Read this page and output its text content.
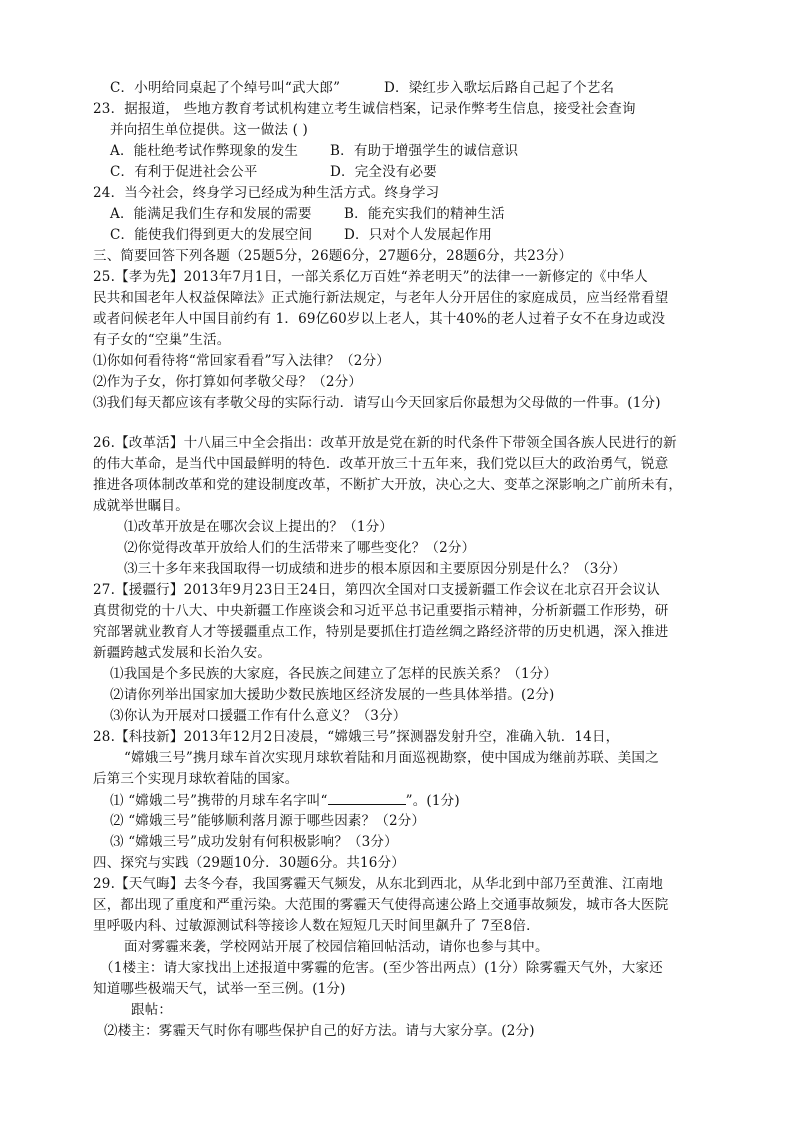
C．小明给同桌起了个绰号叫“武大郎”	D．梁红步入歌坛后路自己起了个艺名
23．据报道， 些地方教育考试机构建立考生诚信档案，记录作弊考生信息，接受社会查询
并向招生单位提供。这一做法 ( )
A．能杜绝考试作弊现象的发生 B．有助于增强学生的诚信意识
C．有利于促进社会公平	D．完全没有必要
24．当今社会，终身学习已经成为种生活方式。终身学习
A．能满足我们生存和发展的需要 B．能充实我们的精神生活
C．能使我们得到更大的发展空间 D．只对个人发展起作用
三、简要回答下列各题（25题5分，26题6分，27题6分，28题6分，共23分）
25.【孝为先】2013年7月1日，一部关系亿万百姓“养老明天”的法律一一新修定的《中华人
民共和国老年人权益保障法》正式施行新法规定，与老年人分开居住的家庭成员，应当经常看望
或者问候老年人中国目前约有 1．69亿60岁以上老人，其十40%的老人过着子女不在身边或没
有子女的“空巢”生活。
⑴你如何看待将“常回家看看”写入法律？（2分）
⑵作为子女，你打算如何孝敬父母？（2分）
⑶我们每天都应该有孝敬父母的实际行动．请写山今天回家后你最想为父母做的一件事。(1分)
26.【改革活】十八届三中全会指出：改革开放是党在新的时代条件下带领全国各族人民进行的新
的伟大革命，是当代中国最鲜明的特色．改革开放三十五年来，我们党以巨大的政治勇气，锐意
推进各项体制改革和党的建设制度改革，不断扩大开放，决心之大、变革之深影响之广前所未有，
成就举世瞩目。
⑴改革开放是在哪次会议上提出的？（1分）
⑵你觉得改革开放给人们的生活带来了哪些变化？（2分）
⑶三十多年来我国取得一切成绩和进步的根本原因和主要原因分别是什么？（3分）
27.【援疆行】2013年9月23日王24日，第四次全国对口支援新疆工作会议在北京召开会议认
真贯彻党的十八大、中央新疆工作座谈会和习近平总书记重要指示精神，分析新疆工作形势，研
究部署就业教育人才等援疆重点工作，特别是要抓住打造丝绸之路经济带的历史机遇，深入推进
新疆跨越式发展和长治久安。
⑴我国是个多民族的大家庭，各民族之间建立了怎样的民族关系？（1分）
⑵请你列举出国家加大援助少数民族地区经济发展的一些具体举措。(2分)
⑶你认为开展对口援疆工作有什么意义？（3分）
28.【科技新】2013年12月2日凌晨，“嫦娥三号”探测器发射升空，准确入轨．14日，
“嫦娥三号”携月球车首次实现月球软着陆和月面巡视勘察，使中国成为继前苏联、美国之
后第三个实现月球软着陆的国家。
⑴ “嫦娥二号”携带的月球车名字叫“	”。(1分)
⑵ “嫦娥三号”能够顺利落月源于哪些因素？（2分）
⑶ “嫦娥三号”成功发射有何积极影响？（3分）
四、探究与实践（29题10分．30题6分。共16分）
29.【天气晦】去冬今春，我国雾霾天气频发，从东北到西北，从华北到中部乃至黄淮、江南地
区，都出现了重度和严重污染。大范围的雾霾天气使得高速公路上交通事故频发，城市各大医院
里呼吸内科、过敏源测试科等接诊人数在短短几天时间里飙升了 7至8倍．
面对雾霾来袭，学校网站开展了校园信箱回帖活动，请你也参与其中。
（1楼主：请大家找出上述报道中雾霾的危害。(至少答出两点）(1分）除雾霾天气外，大家还
知道哪些极端天气，试举一至三例。(1分)
跟帖：
⑵楼主：雾霾天气时你有哪些保护自己的好方法。请与大家分享。(2分)
